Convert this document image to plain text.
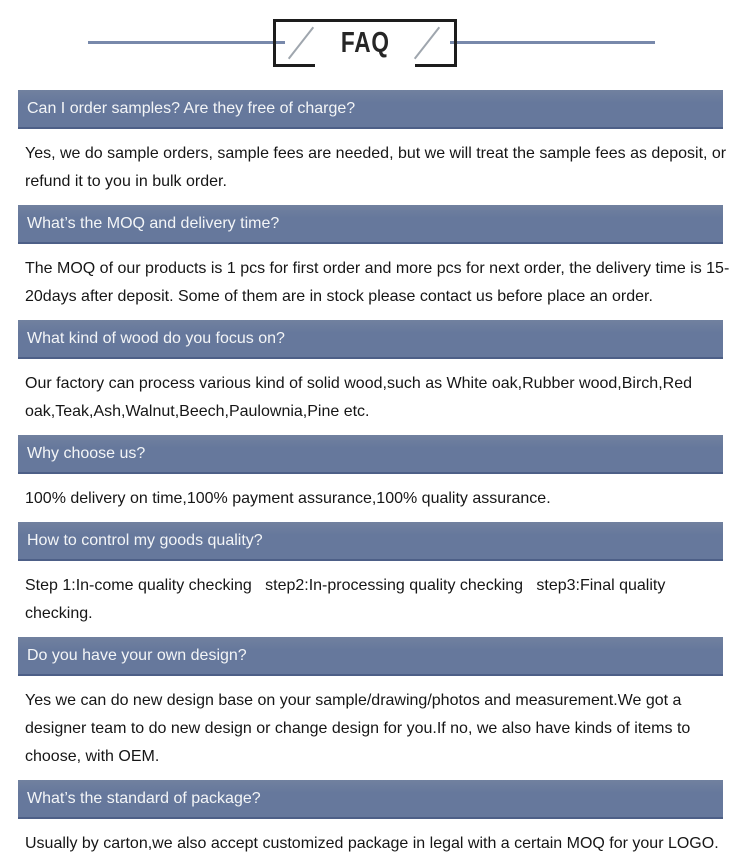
FAQ
Can I order samples? Are they free of charge?

Yes, we do sample orders, sample fees are needed, but we will treat the sample fees as deposit, or refund it to you in bulk order.

What’s the MOQ and delivery time?

The MOQ of our products is 1 pcs for first order and more pcs for next order, the delivery time is 15-20days after deposit. Some of them are in stock please contact us before place an order.

What kind of wood do you focus on?

Our factory can process various kind of solid wood,such as White oak,Rubber wood,Birch,Red oak,Teak,Ash,Walnut,Beech,Paulownia,Pine etc.

Why choose us?

100% delivery on time,100% payment assurance,100% quality assurance.

How to control my goods quality?

Step 1:In-come quality checking   step2:In-processing quality checking   step3:Final quality checking.

Do you have your own design?

Yes we can do new design base on your sample/drawing/photos and measurement.We got a designer team to do new design or change design for you.If no, we also have kinds of items to choose, with OEM.

What’s the standard of package?

Usually by carton,we also accept customized package in legal with a certain MOQ for your LOGO.
